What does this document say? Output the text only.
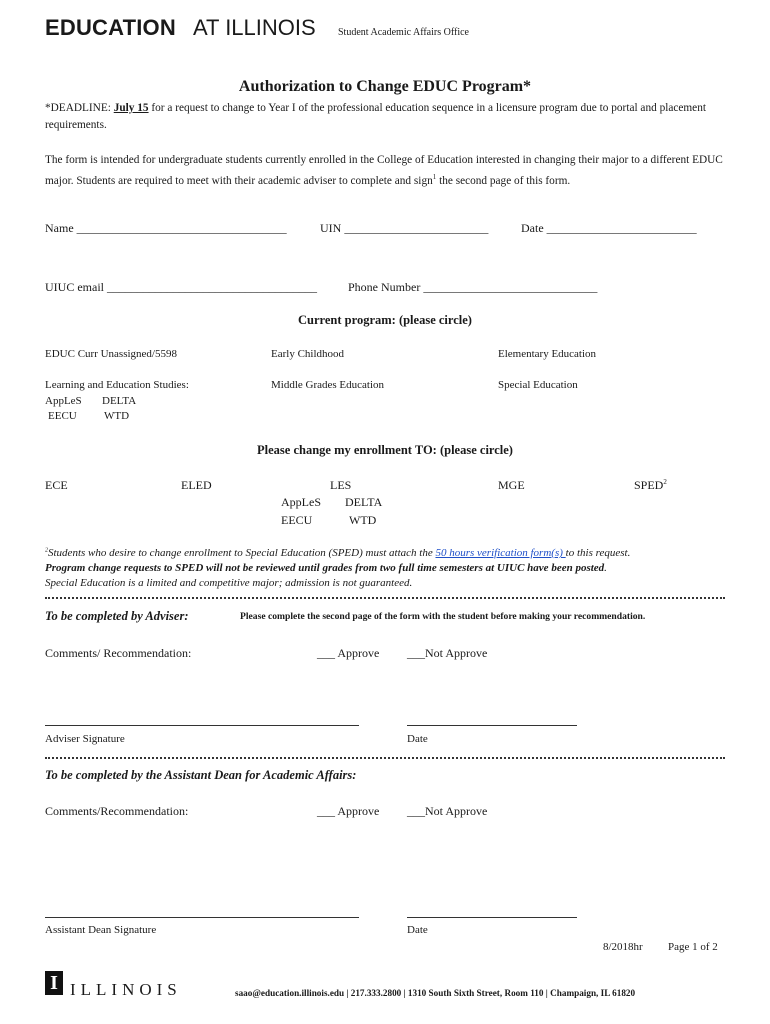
EDUCATION AT ILLINOIS Student Academic Affairs Office
Authorization to Change EDUC Program*
*DEADLINE: July 15 for a request to change to Year I of the professional education sequence in a licensure program due to portal and placement requirements.
The form is intended for undergraduate students currently enrolled in the College of Education interested in changing their major to a different EDUC major. Students are required to meet with their academic adviser to complete and sign$^1$ the second page of this form.
Name ___________________________________	UIN ________________________	Date _________________________
UIUC email ___________________________________	Phone Number _____________________________
Current program: (please circle)
EDUC Curr Unassigned/5598	Early Childhood	Elementary Education
Learning and Education Studies:	Middle Grades Education	Special Education
AppLeS DELTA
EECU WTD
Please change my enrollment TO: (please circle)
ECE	ELED	LES	MGE	SPED$^2$
AppLeS DELTA
EECU	WTD
$^2$Students who desire to change enrollment to Special Education (SPED) must attach the 50 hours verification form(s) to this request.
Program change requests to SPED will not be reviewed until grades from two full time semesters at UIUC have been posted.
Special Education is a limited and competitive major; admission is not guaranteed.
To be completed by Adviser:	Please complete the second page of the form with the student before making your recommendation.
Comments/ Recommendation:	___ Approve ___Not Approve
Adviser Signature	Date
To be completed by the Assistant Dean for Academic Affairs:
Comments/Recommendation:	___ Approve ___Not Approve
Assistant Dean Signature	Date
8/2018hr Page 1 of 2
I ILLINOIS	saao@education.illinois.edu | 217.333.2800 | 1310 South Sixth Street, Room 110 | Champaign, IL 61820
